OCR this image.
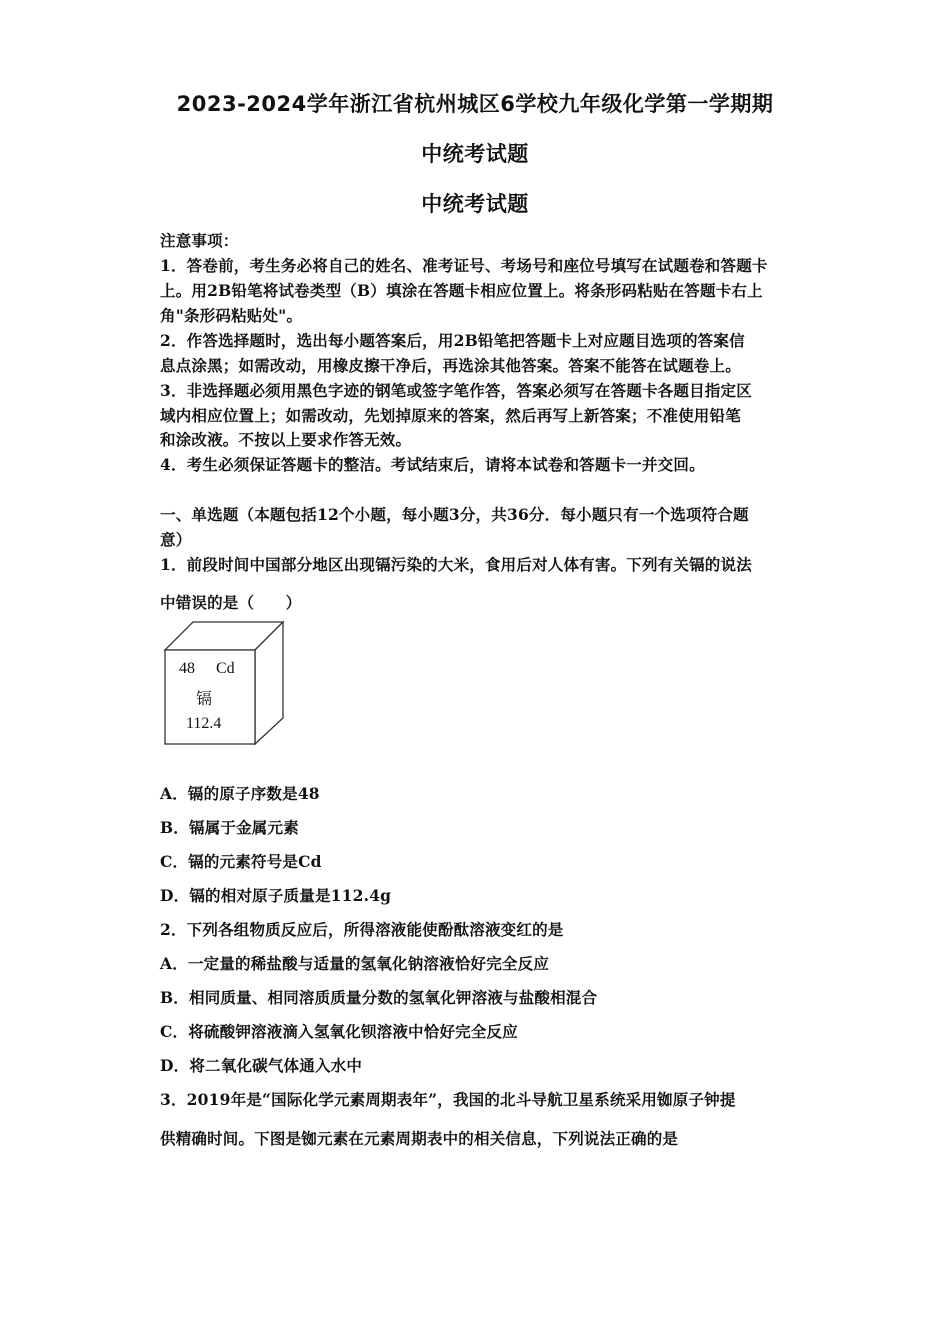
2023-2024学年浙江省杭州城区6学校九年级化学第一学期期
中统考试题
中统考试题
注意事项：
1．答卷前，考生务必将自己的姓名、准考证号、考场号和座位号填写在试题卷和答题卡
上。用2B铅笔将试卷类型（B）填涂在答题卡相应位置上。将条形码粘贴在答题卡右上
角"条形码粘贴处"。
2．作答选择题时，选出每小题答案后，用2B铅笔把答题卡上对应题目选项的答案信
息点涂黑；如需改动，用橡皮擦干净后，再选涂其他答案。答案不能答在试题卷上。
3．非选择题必须用黑色字迹的钢笔或签字笔作答，答案必须写在答题卡各题目指定区
域内相应位置上；如需改动，先划掉原来的答案，然后再写上新答案；不准使用铅笔
和涂改液。不按以上要求作答无效。
4．考生必须保证答题卡的整洁。考试结束后，请将本试卷和答题卡一并交回。
一、单选题（本题包括12个小题，每小题3分，共36分．每小题只有一个选项符合题
意）
1．前段时间中国部分地区出现镉污染的大米，食用后对人体有害。下列有关镉的说法
中错误的是（　　）
48 Cd
镉
112.4
A．镉的原子序数是48
B．镉属于金属元素
C．镉的元素符号是Cd
D．镉的相对原子质量是112.4g
2．下列各组物质反应后，所得溶液能使酚酞溶液变红的是
A．一定量的稀盐酸与适量的氢氧化钠溶液恰好完全反应
B．相同质量、相同溶质质量分数的氢氧化钾溶液与盐酸相混合
C．将硫酸钾溶液滴入氢氧化钡溶液中恰好完全反应
D．将二氧化碳气体通入水中
3．2019年是“国际化学元素周期表年”，我国的北斗导航卫星系统采用铷原子钟提
供精确时间。下图是铷元素在元素周期表中的相关信息，下列说法正确的是
